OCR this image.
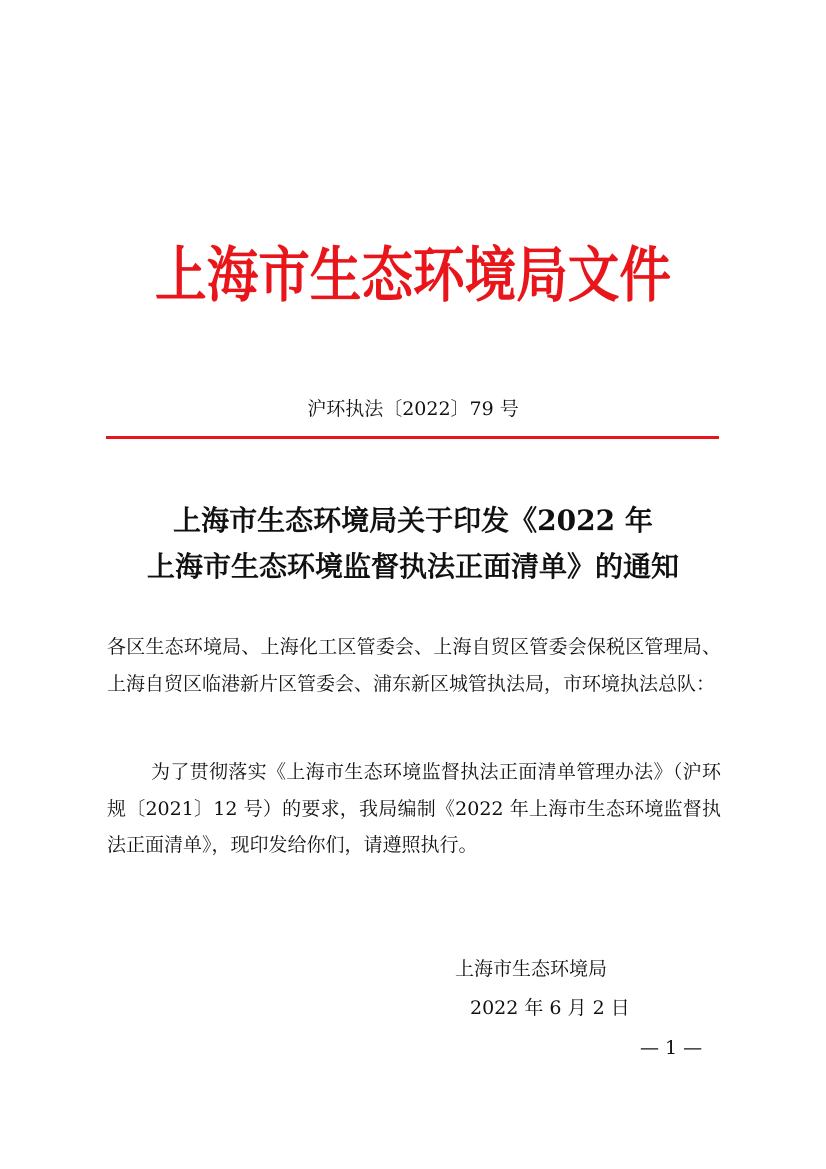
上海市生态环境局文件
沪环执法〔2022〕79 号
上海市生态环境局关于印发《2022 年
上海市生态环境监督执法正面清单》的通知
各区生态环境局、上海化工区管委会、上海自贸区管委会保税区管理局、上海自贸区临港新片区管委会、浦东新区城管执法局，市环境执法总队：
为了贯彻落实《上海市生态环境监督执法正面清单管理办法》（沪环规〔2021〕12 号）的要求，我局编制《2022 年上海市生态环境监督执法正面清单》，现印发给你们，请遵照执行。
上海市生态环境局
2022 年 6 月 2 日
— 1 —
